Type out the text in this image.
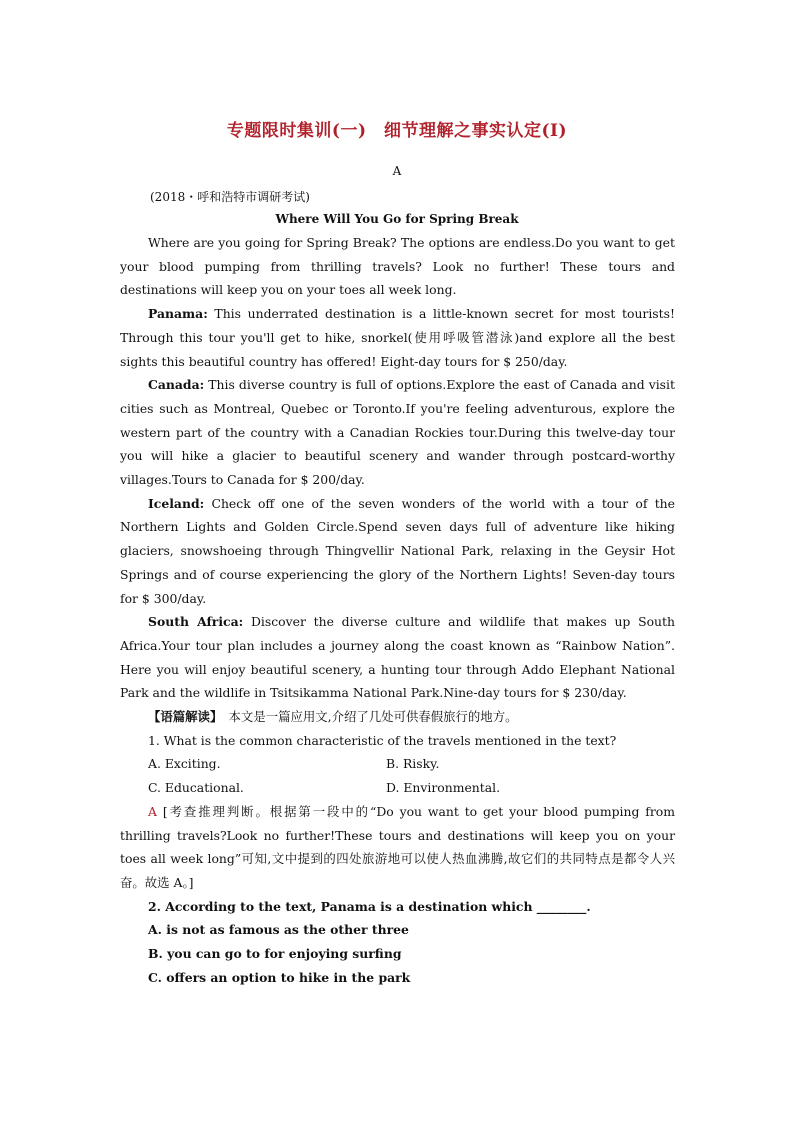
专题限时集训(一)　细节理解之事实认定(Ⅰ)
A
(2018・呼和浩特市调研考试)
Where Will You Go for Spring Break

Where are you going for Spring Break? The options are endless.Do you want to get your blood pumping from thrilling travels? Look no further! These tours and destinations will keep you on your toes all week long.

Panama: This underrated destination is a little-known secret for most tourists! Through this tour you'll get to hike, snorkel(使用呼吸管潜泳)and explore all the best sights this beautiful country has offered! Eight-day tours for $ 250/day.

Canada: This diverse country is full of options.Explore the east of Canada and visit cities such as Montreal, Quebec or Toronto.If you're feeling adventurous, explore the western part of the country with a Canadian Rockies tour.During this twelve-day tour you will hike a glacier to beautiful scenery and wander through postcard-worthy villages.Tours to Canada for $ 200/day.

Iceland: Check off one of the seven wonders of the world with a tour of the Northern Lights and Golden Circle.Spend seven days full of adventure like hiking glaciers, snowshoeing through Thingvellir National Park, relaxing in the Geysir Hot Springs and of course experiencing the glory of the Northern Lights! Seven-day tours for $ 300/day.

South Africa: Discover the diverse culture and wildlife that makes up South Africa.Your tour plan includes a journey along the coast known as “Rainbow Nation”. Here you will enjoy beautiful scenery, a hunting tour through Addo Elephant National Park and the wildlife in Tsitsikamma National Park.Nine-day tours for $ 230/day.

【语篇解读】　本文是一篇应用文,介绍了几处可供春假旅行的地方。

1. What is the common characteristic of the travels mentioned in the text?

A. Exciting.	B. Risky.
C. Educational.	D. Environmental.

A [考查推理判断。根据第一段中的“Do you want to get your blood pumping from thrilling travels?Look no further!These tours and destinations will keep you on your toes all week long”可知,文中提到的四处旅游地可以使人热血沸腾,故它们的共同特点是都令人兴奋。故选 A。]

2. According to the text, Panama is a destination which ________.

A. is not as famous as the other three
B. you can go to for enjoying surfing
C. offers an option to hike in the park
